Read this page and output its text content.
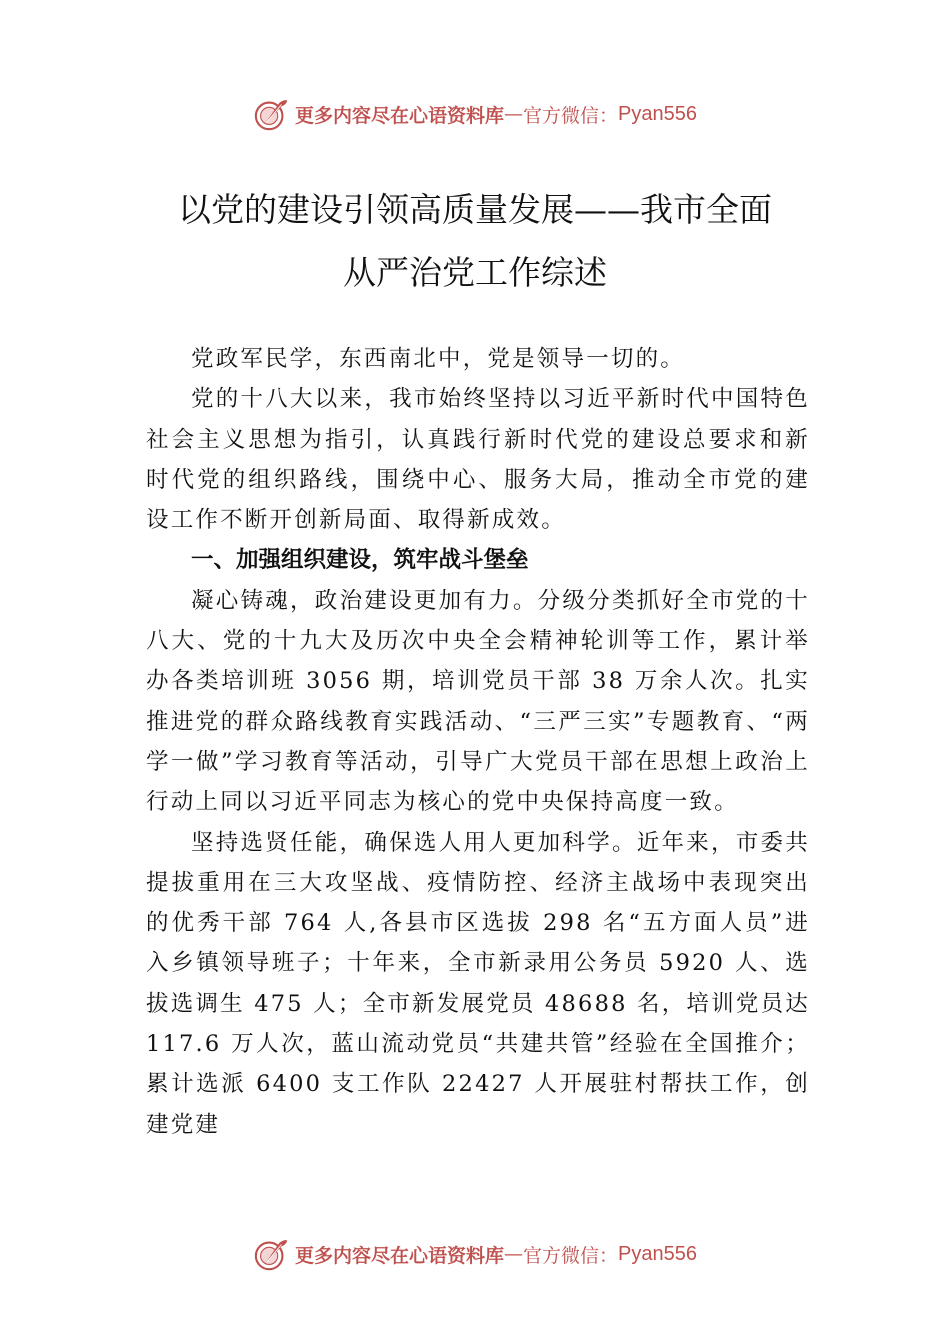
更多内容尽在心语资料库 — 官方微信： Pyan556
以党的建设引领高质量发展——我市全面
从严治党工作综述

党政军民学，东西南北中，党是领导一切的。

党的十八大以来，我市始终坚持以习近平新时代中国特色社会主义思想为指引，认真践行新时代党的建设总要求和新时代党的组织路线，围绕中心、服务大局，推动全市党的建设工作不断开创新局面、取得新成效。

一、加强组织建设，筑牢战斗堡垒

凝心铸魂，政治建设更加有力。分级分类抓好全市党的十八大、党的十九大及历次中央全会精神轮训等工作，累计举办各类培训班 3056 期，培训党员干部 38 万余人次。扎实推进党的群众路线教育实践活动、“三严三实”专题教育、“两学一做”学习教育等活动，引导广大党员干部在思想上政治上行动上同以习近平同志为核心的党中央保持高度一致。

坚持选贤任能，确保选人用人更加科学。近年来，市委共提拔重用在三大攻坚战、疫情防控、经济主战场中表现突出的优秀干部 764 人,各县市区选拔 298 名“五方面人员”进入乡镇领导班子；十年来，全市新录用公务员 5920 人、选拔选调生 475 人；全市新发展党员 48688 名，培训党员达 117.6 万人次，蓝山流动党员“共建共管”经验在全国推介；累计选派 6400 支工作队 22427 人开展驻村帮扶工作，创建党建

更多内容尽在心语资料库 — 官方微信： Pyan556
